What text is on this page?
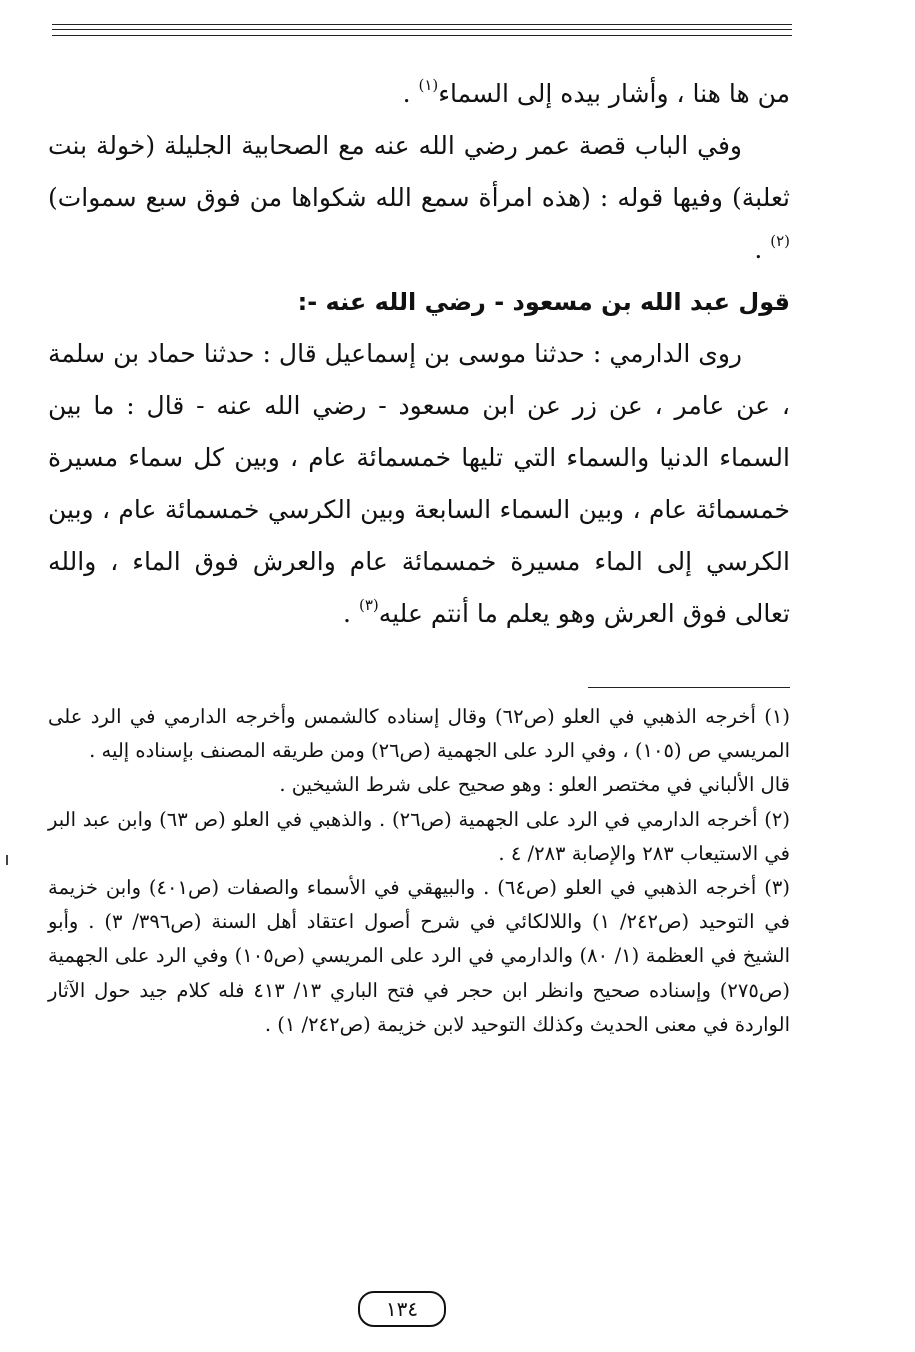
من ها هنا ، وأشار بيده إلى السماء$^{(١)}$ .

وفي الباب قصة عمر رضي الله عنه مع الصحابية الجليلة (خولة بنت ثعلبة) وفيها قوله : (هذه امرأة سمع الله شكواها من فوق سبع سموات)$^{(٢)}$ .

قول عبد الله بن مسعود - رضي الله عنه -:

روى الدارمي : حدثنا موسى بن إسماعيل قال : حدثنا حماد بن سلمة ، عن عامر ، عن زر عن ابن مسعود - رضي الله عنه - قال : ما بين السماء الدنيا والسماء التي تليها خمسمائة عام ، وبين كل سماء مسيرة خمسمائة عام ، وبين السماء السابعة وبين الكرسي خمسمائة عام ، وبين الكرسي إلى الماء مسيرة خمسمائة عام والعرش فوق الماء ، والله تعالى فوق العرش وهو يعلم ما أنتم عليه$^{(٣)}$ .

(١) أخرجه الذهبي في العلو (ص٦٢) وقال إسناده كالشمس وأخرجه الدارمي في الرد على المريسي ص (١٠٥) ، وفي الرد على الجهمية (ص٢٦) ومن طريقه المصنف بإسناده إليه .

قال الألباني في مختصر العلو : وهو صحيح على شرط الشيخين .

(٢) أخرجه الدارمي في الرد على الجهمية (ص٢٦) . والذهبي في العلو (ص ٦٣) وابن عبد البر في الاستيعاب ٢٨٣ والإصابة ٢٨٣/ ٤ .

(٣) أخرجه الذهبي في العلو (ص٦٤) . والبيهقي في الأسماء والصفات (ص٤٠١) وابن خزيمة في التوحيد (ص٢٤٢/ ١) واللالكائي في شرح أصول اعتقاد أهل السنة (ص٣٩٦/ ٣) . وأبو الشيخ في العظمة (١/ ٨٠) والدارمي في الرد على المريسي (ص١٠٥) وفي الرد على الجهمية (ص٢٧٥) وإسناده صحيح وانظر ابن حجر في فتح الباري ١٣/ ٤١٣ فله كلام جيد حول الآثار الواردة في معنى الحديث وكذلك التوحيد لابن خزيمة (ص٢٤٢/ ١) .

١٣٤
